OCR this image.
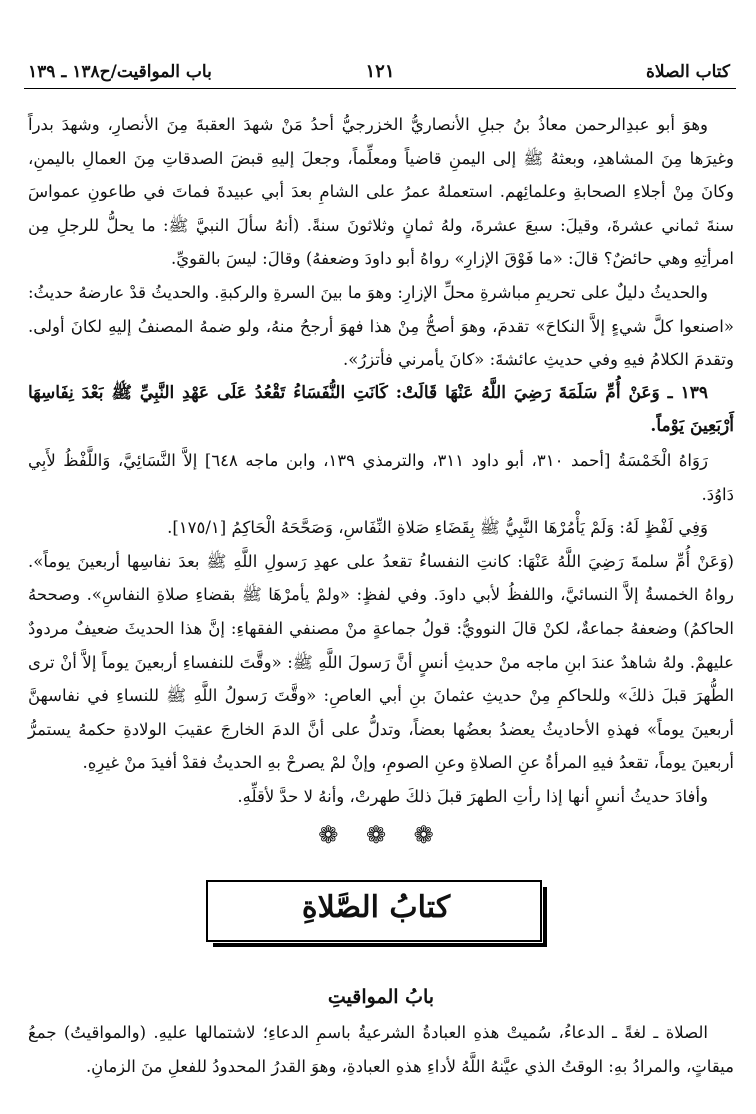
كتاب الصلاة
١٢١
باب المواقيت/ح١٣٨ ـ ١٣٩

وهوَ أبو عبدِالرحمن معاذُ بنُ جبلِ الأنصاريُّ الخزرجيُّ أحدُ مَنْ شهدَ العقبةَ مِنَ الأنصارِ، وشهدَ بدراً وغيرَها مِنَ المشاهدِ، وبعثهُ ﷺ إلى اليمنِ قاضياً ومعلِّماً، وجعلَ إليهِ قبضَ الصدقاتِ مِنَ العمالِ باليمنِ، وكانَ مِنْ أجلاءِ الصحابةِ وعلمائِهم. استعملهُ عمرُ على الشامِ بعدَ أبي عبيدةَ فماتَ في طاعونِ عمواسَ سنةَ ثماني عشرةَ، وقيلَ: سبعَ عشرةَ، ولهُ ثمانٍ وثلاثونَ سنةً. (أنهُ سألَ النبيَّ ﷺ: ما يحلُّ للرجلِ مِن امرأتِهِ وهي حائضٌ؟ قالَ: «ما فَوْقَ الإزارِ» رواهُ أبو داودَ وضعفهُ) وقالَ: ليسَ بالقويِّ.

والحديثُ دليلٌ على تحريمِ مباشرةِ محلِّ الإزارِ: وهوَ ما بينَ السرةِ والركبةِ. والحديثُ قدْ عارضهُ حديثُ: «اصنعوا كلَّ شيءٍ إلاَّ النكاحَ» تقدمَ، وهوَ أصحُّ مِنْ هذا فهوَ أرجحُ منهُ، ولو ضمهُ المصنفُ إليهِ لكانَ أولى. وتقدمَ الكلامُ فيهِ وفي حديثِ عائشةَ: «كانَ يأمرني فأتزرُ».

١٣٩ ـ وَعَنْ أُمِّ سَلَمَةَ رَضِيَ اللَّهُ عَنْهَا قَالَتْ: كَانَتِ النُّفَسَاءُ تَقْعُدُ عَلَى عَهْدِ النَّبِيِّ ﷺ بَعْدَ نِفَاسِهَا أَرْبَعِينَ يَوْماً.

رَوَاهُ الْخَمْسَةُ [أحمد ٣١٠، أبو داود ٣١١، والترمذي ١٣٩، وابن ماجه ٦٤٨] إلاَّ النَّسَائِيَّ، وَاللَّفْظُ لأَبِي دَاوُدَ.

وَفِي لَفْظٍ لَهُ: وَلَمْ يَأْمُرْهَا النَّبِيُّ ﷺ بِقَضَاءِ صَلاةِ النِّفَاسِ، وَصَحَّحَهُ الْحَاكِمُ [١٧٥/١].

(وَعَنْ أُمِّ سلمةَ رَضِيَ اللَّهُ عَنْهَا: كانتِ النفساءُ تقعدُ على عهدِ رَسولِ اللَّهِ ﷺ بعدَ نفاسِها أربعينَ يوماً». رواهُ الخمسةُ إلاَّ النسائيَّ، واللفظُ لأبي داودَ. وفي لفظٍ: «ولمْ يأمرْهَا ﷺ بقضاءِ صلاةِ النفاسِ». وصححهُ الحاكمُ) وضعفهُ جماعةٌ، لكنْ قالَ النوويُّ: قولُ جماعةٍ منْ مصنفي الفقهاءِ: إنَّ هذا الحديثَ ضعيفٌ مردودٌ عليهمْ. ولهُ شاهدٌ عندَ ابنِ ماجه منْ حديثِ أنسٍ أنَّ رَسولَ اللَّهِ ﷺ: «وقَّتَ للنفساءِ أربعينَ يوماً إلاَّ أنْ ترى الطُّهرَ قبلَ ذلكَ» وللحاكمِ مِنْ حديثِ عثمانَ بنِ أبي العاصِ: «وقَّتَ رَسولُ اللَّهِ ﷺ للنساءِ في نفاسهنَّ أربعينَ يوماً» فهذهِ الأحاديثُ يعضدُ بعضُها بعضاً، وتدلُّ على أنَّ الدمَ الخارجَ عقيبَ الولادةِ حكمهُ يستمرُّ أربعينَ يوماً، تقعدُ فيهِ المرأةُ عنِ الصلاةِ وعنِ الصومِ، وإنْ لمْ يصرحْ بهِ الحديثُ فقدْ أفيدَ منْ غيرِهِ.

وأفادَ حديثُ أنسٍ أنها إذا رأتِ الطهرَ قبلَ ذلكَ طهرتْ، وأنهُ لا حدَّ لأقلِّهِ.

❁ ❁ ❁
كتابُ الصَّلاةِ
بابُ المواقيتِ

الصلاة ـ لغةً ـ الدعاءُ، سُميتْ هذهِ العبادةُ الشرعيةُ باسمِ الدعاءِ؛ لاشتمالها عليهِ. (والمواقيتُ) جمعُ ميقاتٍ، والمرادُ بهِ: الوقتُ الذي عيَّنهُ اللَّهُ لأداءِ هذهِ العبادةِ، وهوَ القدرُ المحدودُ للفعلِ منَ الزمانِ.
